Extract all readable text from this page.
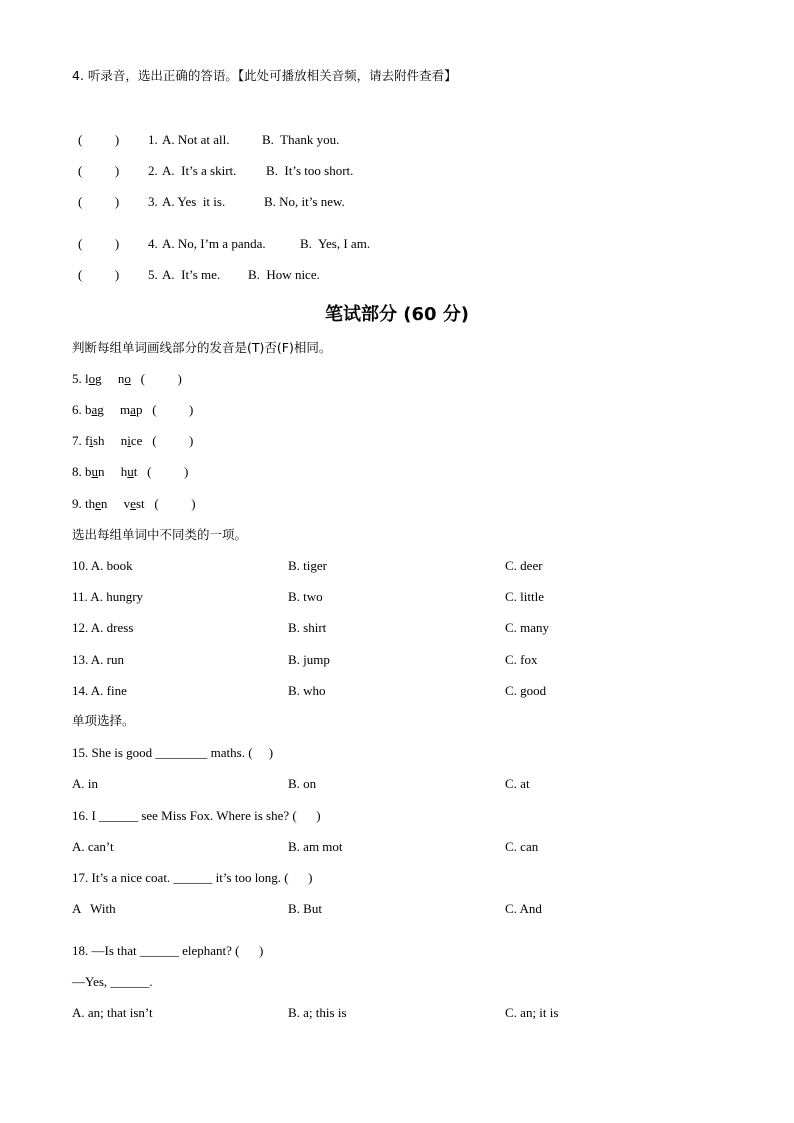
4. 听录音，选出正确的答语。【此处可播放相关音频，请去附件查看】
(          ) 1. A. Not at all. B.  Thank you.
(          ) 2. A.  It’s a skirt. B.  It’s too short.
(          ) 3. A. Yes  it is.	B. No, it’s new.
(          ) 4. A. No, I’m a panda.	B.  Yes, I am.
(          ) 5. A.  It’s me. B.  How nice.
笔试部分 (60 分)
判断每组单词画线部分的发音是(T)否(F)相同。
5. log no (          )
6. bag map (          )
7. fish nice (          )
8. bun hut (          )
9. then vest (          )
选出每组单词中不同类的一项。
10. A. book	B. tiger	C. deer
11. A. hungry	B. two	C. little
12. A. dress	B. shirt	C. many
13. A. run	B. jump	C. fox
14. A. fine	B. who	C. good
单项选择。
15. She is good ________ maths. (     )
A. in	B. on	C. at
16. I ______ see Miss Fox. Where is she? (      )
A. can’t	B. am mot	C. can
17. It’s a nice coat. ______ it’s too long. (      )
A   With	B. But	C. And
18. —Is that ______ elephant? (      )
—Yes, ______.
A. an; that isn’t	B. a; this is	C. an; it is
